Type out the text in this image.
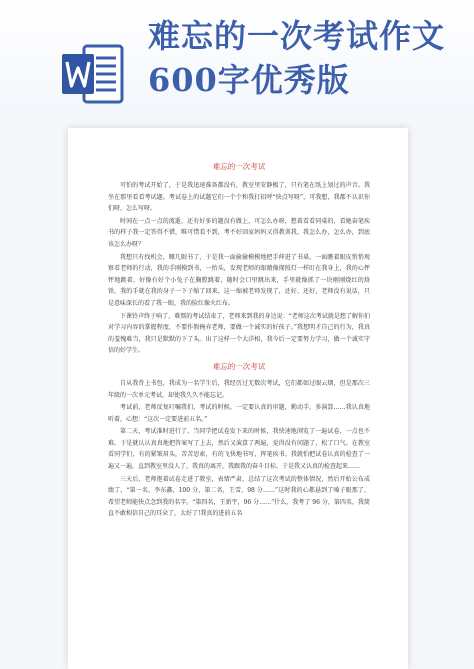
难忘的一次考试作文600字优秀版
难忘的一次考试

可怕的考试开始了，于是我迅速准备都没有，教室里安静极了，只有笔在纸上划过的声音。我坐在那里看看考试题。考试卷上的试题它们一个个和我打招呼“快点写呀”，可我想，我都不认识你们呀，怎么写呀。

时间在一点一点的流逝，还有好多的题没有做上，可怎么办呀，想着看看同桌的，看她奋笔疾书的样子我一定答得不错，唯可惜看不到，考不好回家妈妈又得教训我，我怎么办，怎么办，到底该怎么办呀？

我想只有找机会，瞟几眼书了，于是我一面偷偷模模地把手伸进了书桌，一面瞧着眼皮悄悄观察看老师的行动，我的手刚摸到书，一抬头，发现老师的眼睛像探照灯一样盯在我身上，我的心怦怦地跳着，好像有好个小兔子在胸膛跳着，随时会口里跳出来，手里就像抓了一块刚刚烧红的烙铁，我的手就在我的身子一下子缩了回来，这一缩被老师发现了，还好，还好，老师没有说话，只是意味深长的看了我一眼，我的脸红像火红布。

下课铃声终于响了，难熬的考试结束了，老师来到我的身边说：“老师这次考试就是想了解你们对学习内容的掌握程度，不要作假掩弃老师，要做一个诚实的好孩子。”我想明才自己的行为，我真的羞愧难当，我只是默默的下了头。出了这样一个大洋相，我今后一定要努力学习，做一个诚实守信的好学生。

难忘的一次考试

自从我背上书包，我成为一名学生后，我经历过无数次考试，它们都如过眼云烟，但是那次三年级的一次单元考试，却使我久久不能忘记。

考试前，老师反复叮嘱我们，考试的时候，一定要认真的审题，勤动手，多演算……我认真地听着，心想：“这次一定要进前五名。”

第二天，考试准时进行了，当同学把试卷发下来的时候，我快速地浏览了一遍试卷，一点也不难。于是就认认真真地把答案写了上去，然后又演算了两遍，觉得没有问题了，松了口气。在教室看同学们，有的紧皱眉头，苦苦思索，有的飞快地书写，挥笔疾书。我就怕把试卷认真的检查了一遍又一遍，直到教室里没人了，我真的离开，我跟我的奋斗目标，于是我又认真的检查起来……

三天后，老师抱着试卷走进了教室，表情严肃，总结了这次考试的整体情况，然后开始公布成绩了，“第一名，李东鑫，100 分，第二名，王雪，98 分……”这时我的心都悬到了嗓子眼那了，希望老师能快点念到我的名字。“第四名，王新宇，96 分……”什么，我考了 96 分，第四名，我简直不敢相信自己的耳朵了，太好了!我真的进前五名
